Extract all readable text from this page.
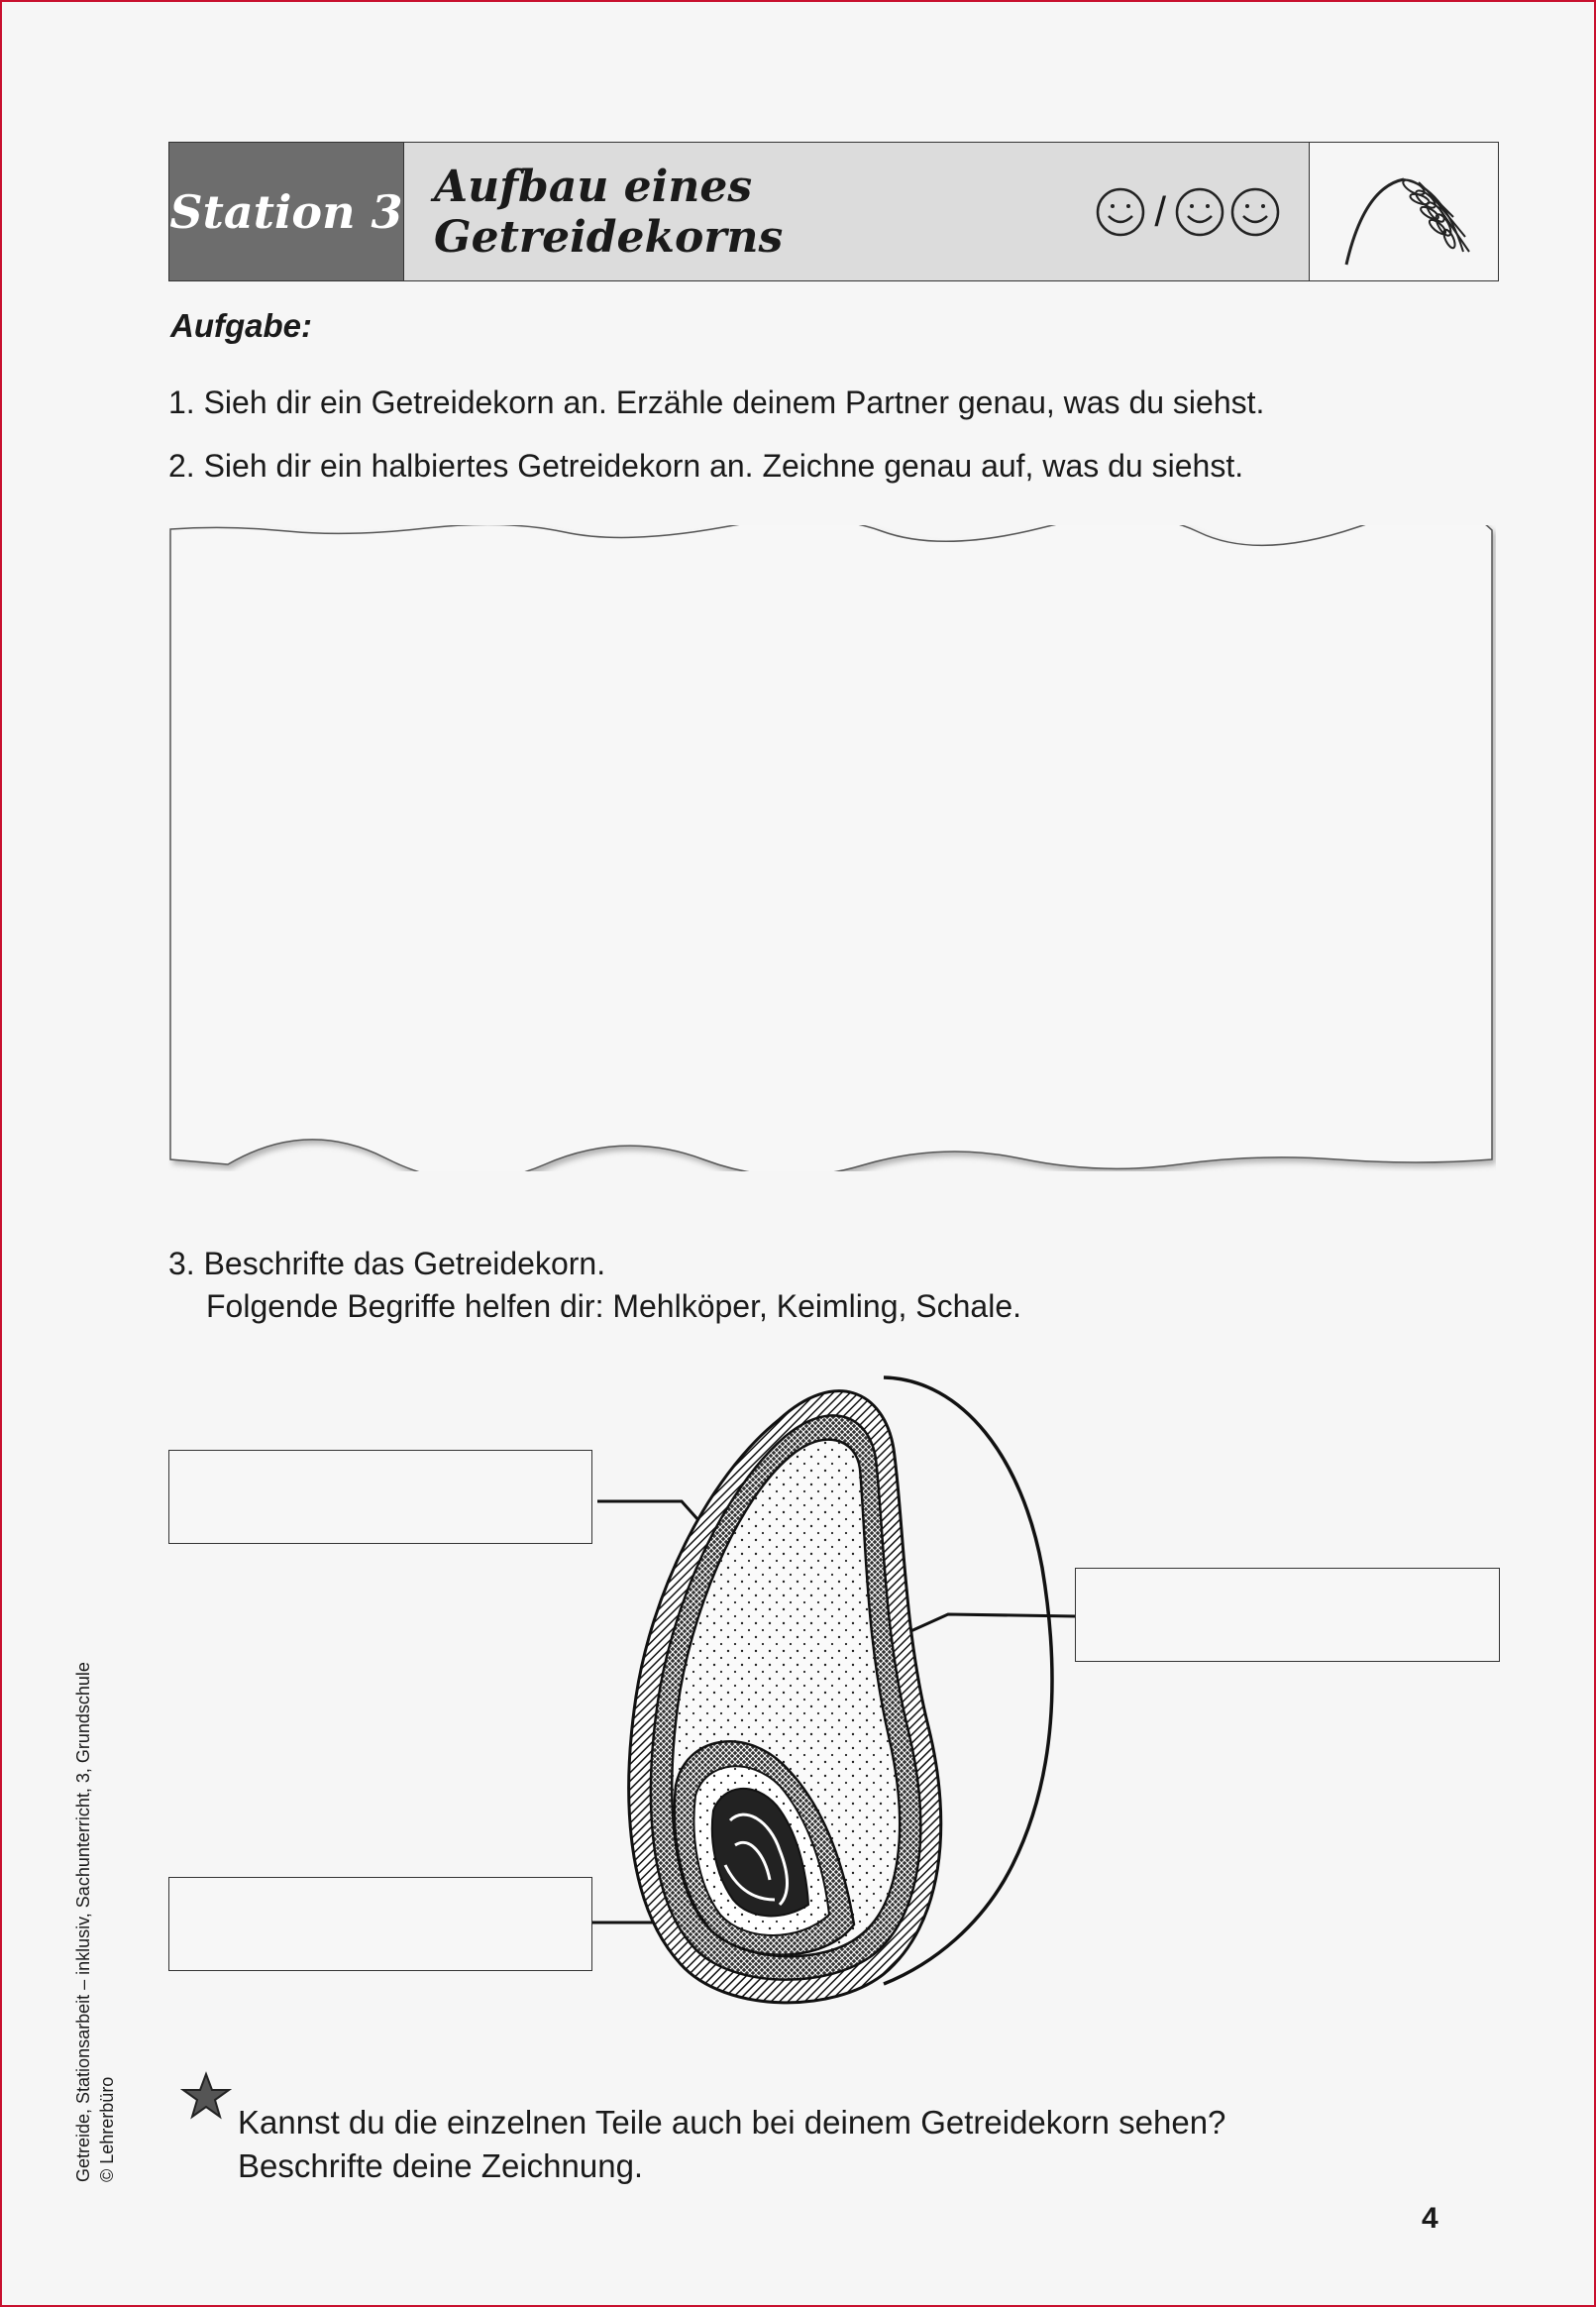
Station 3 Aufbau eines Getreidekorns
/
Aufgabe:
1. Sieh dir ein Getreidekorn an. Erzähle deinem Partner genau, was du siehst.
2. Sieh dir ein halbiertes Getreidekorn an. Zeichne genau auf, was du siehst.
3. Beschrifte das Getreidekorn.
Folgende Begriffe helfen dir: Mehlköper, Keimling, Schale.
Kannst du die einzelnen Teile auch bei deinem Getreidekorn sehen?
Beschrifte deine Zeichnung.
Getreide, Stationsarbeit – inklusiv, Sachunterricht, 3, Grundschule © Lehrerbüro
4
